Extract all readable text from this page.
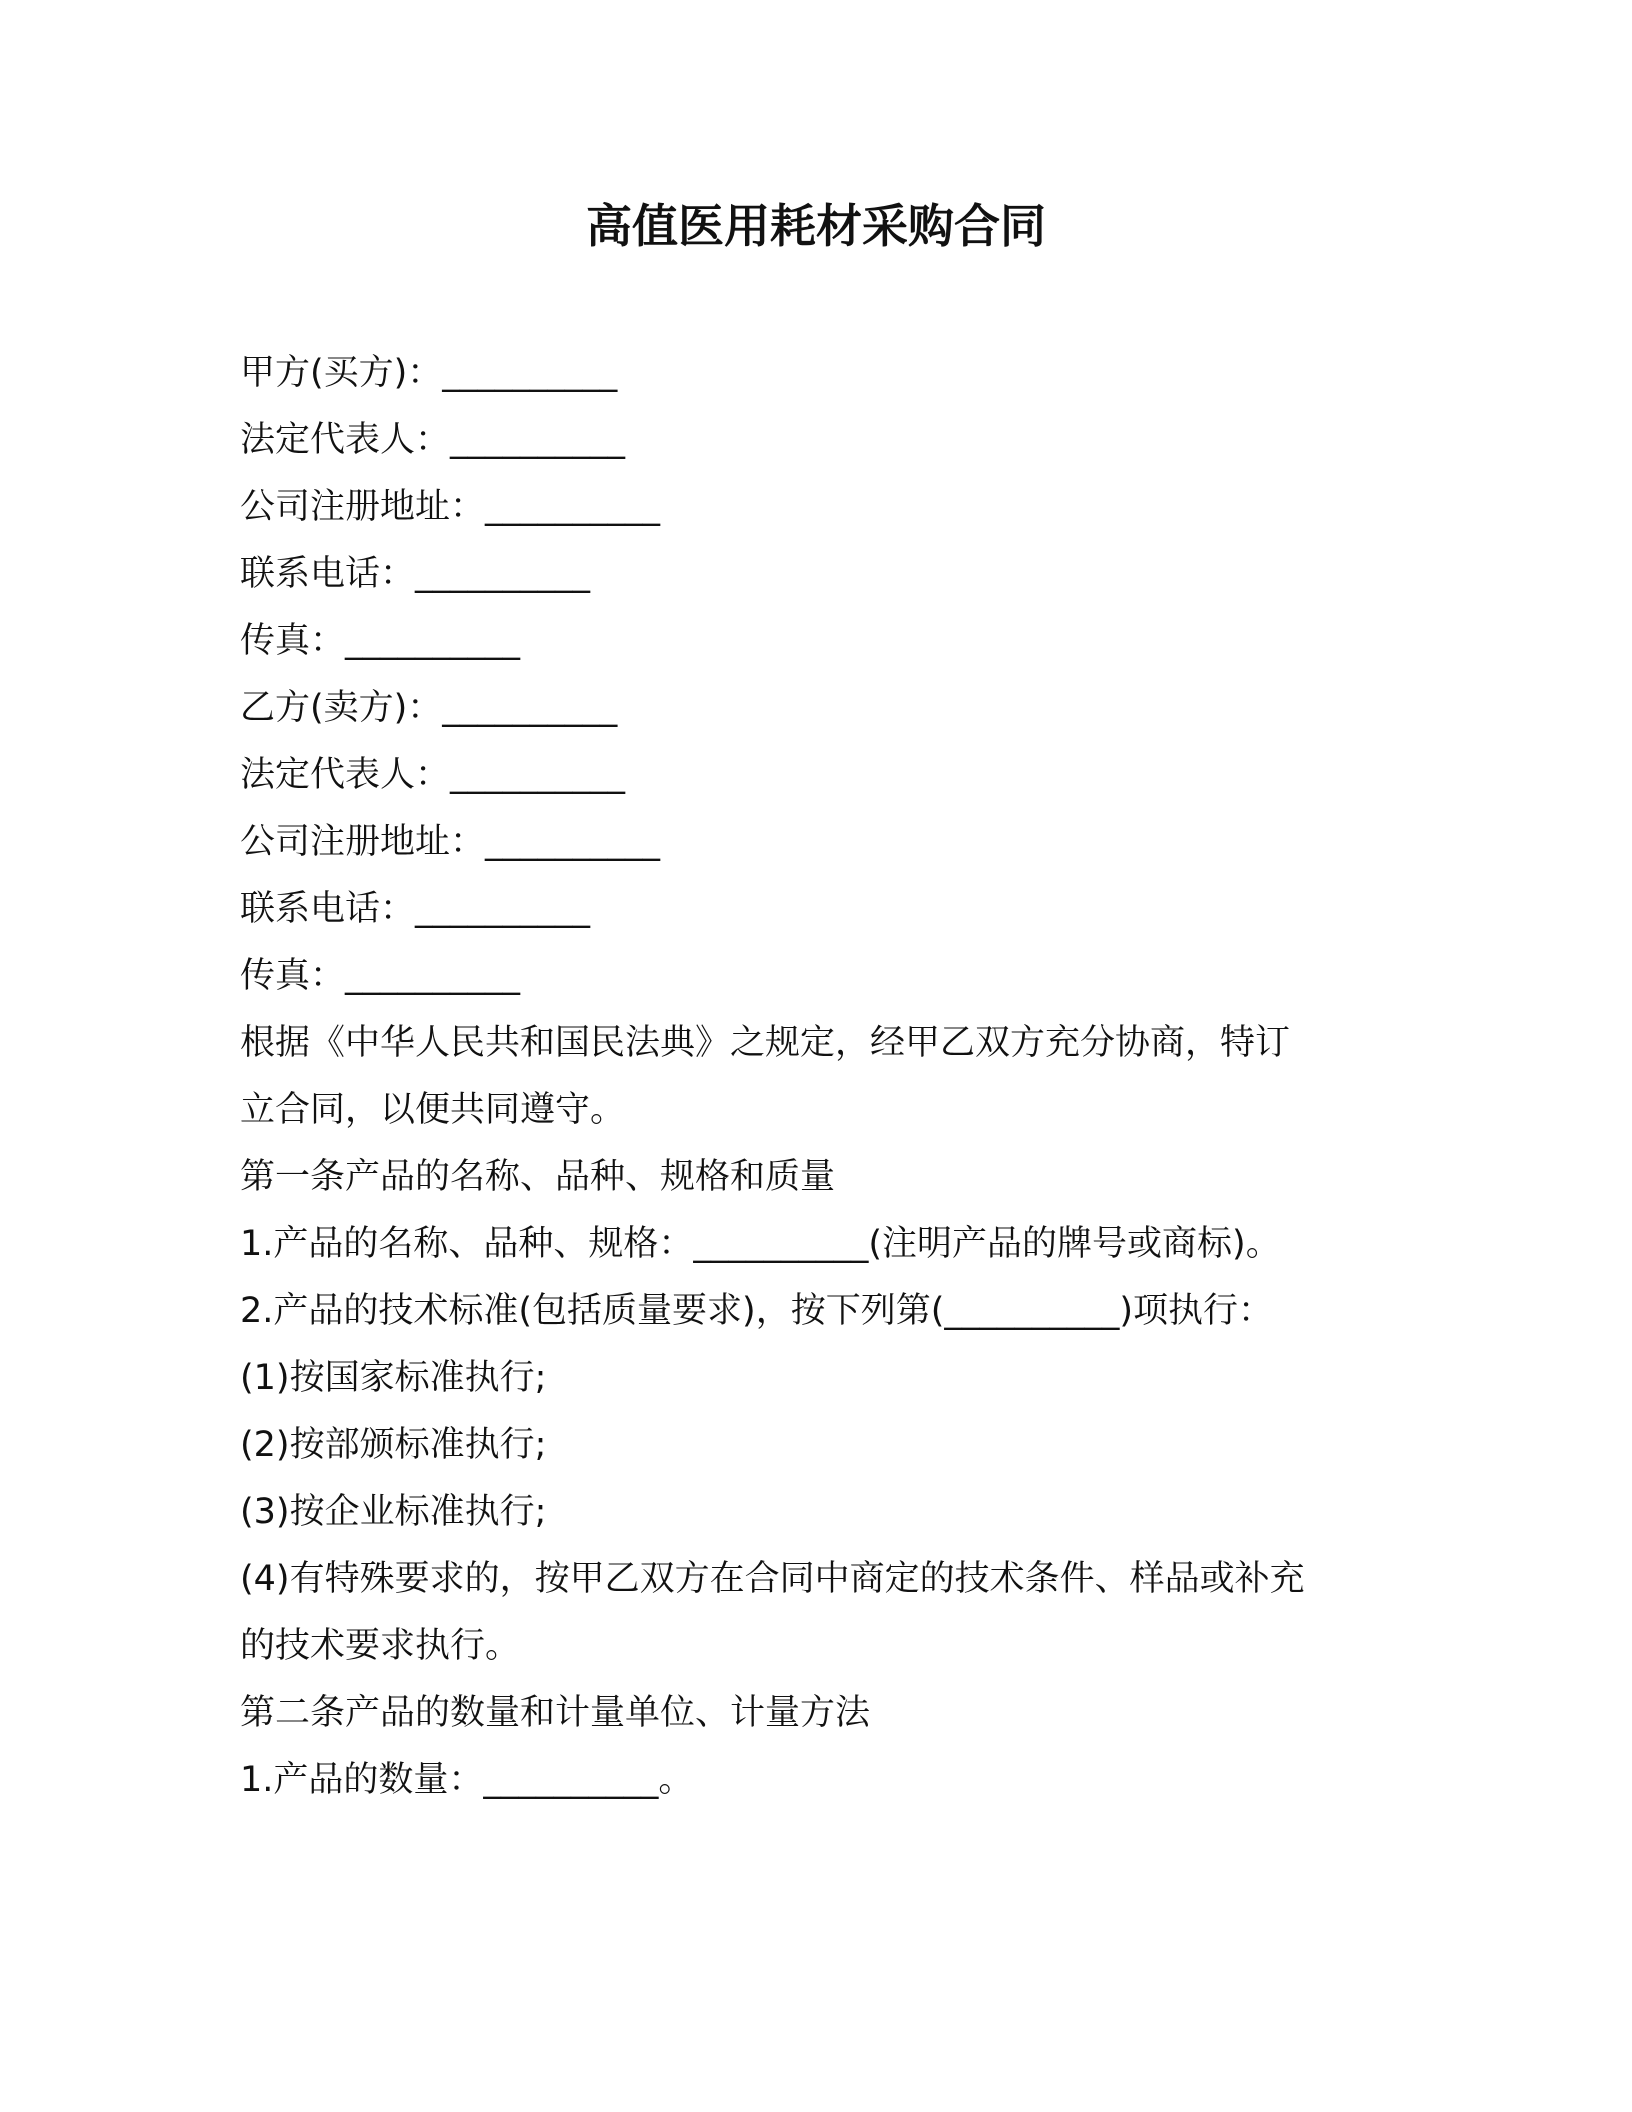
高值医用耗材采购合同
甲方(买方)：__________
法定代表人：__________
公司注册地址：__________
联系电话：__________
传真：__________
乙方(卖方)：__________
法定代表人：__________
公司注册地址：__________
联系电话：__________
传真：__________
根据《中华人民共和国民法典》之规定，经甲乙双方充分协商，特订
立合同，以便共同遵守。
第一条产品的名称、品种、规格和质量
1.产品的名称、品种、规格：__________(注明产品的牌号或商标)。
2.产品的技术标准(包括质量要求)，按下列第(__________)项执行：
(1)按国家标准执行;
(2)按部颁标准执行;
(3)按企业标准执行;
(4)有特殊要求的，按甲乙双方在合同中商定的技术条件、样品或补充
的技术要求执行。
第二条产品的数量和计量单位、计量方法
1.产品的数量：__________。
